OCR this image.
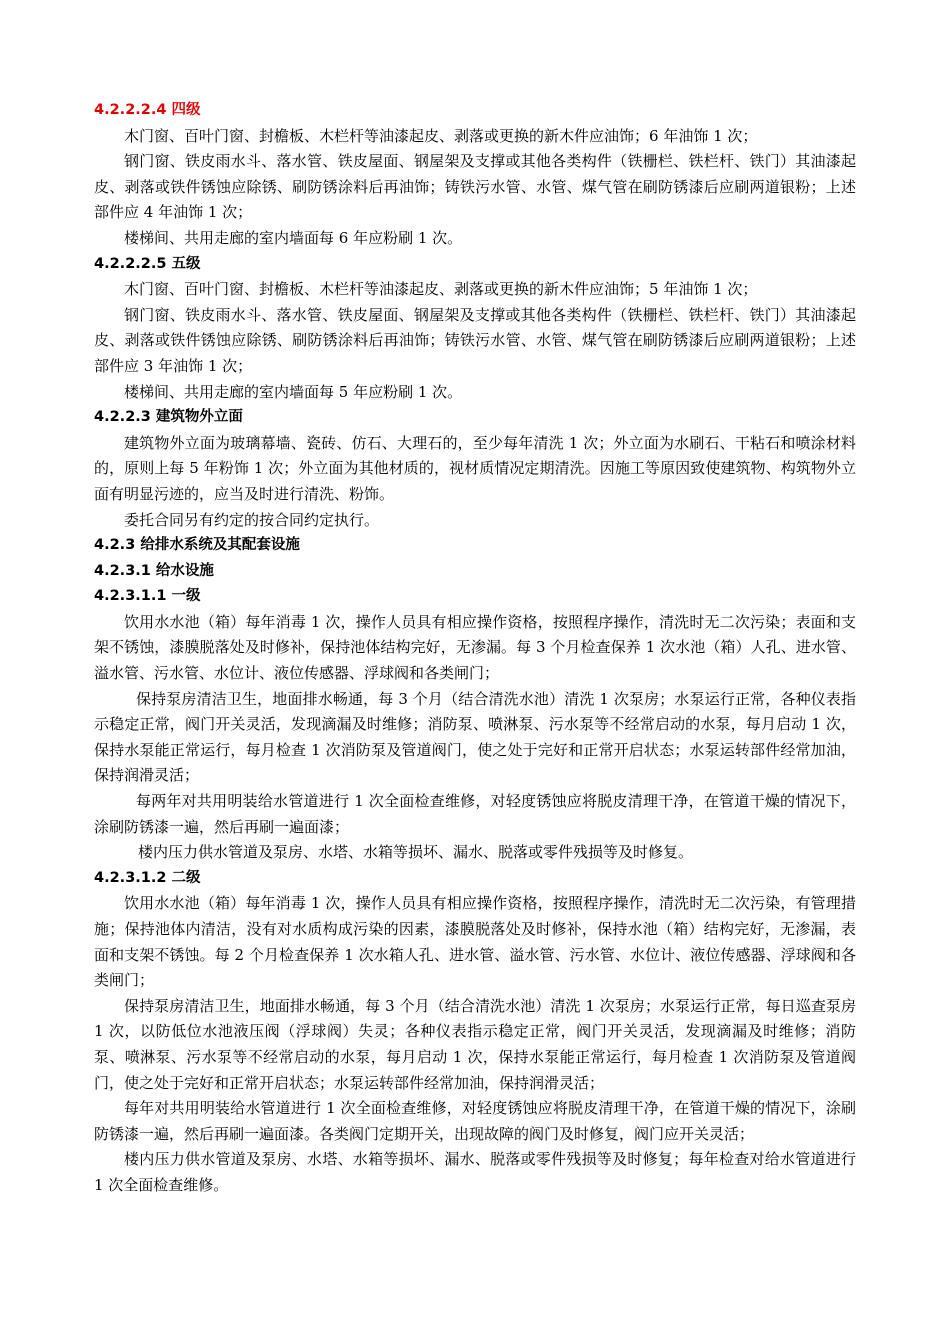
4.2.2.2.4 四级
木门窗、百叶门窗、封檐板、木栏杆等油漆起皮、剥落或更换的新木件应油饰；6 年油饰 1 次；
钢门窗、铁皮雨水斗、落水管、铁皮屋面、钢屋架及支撑或其他各类构件（铁栅栏、铁栏杆、铁门）其油漆起皮、剥落或铁件锈蚀应除锈、刷防锈涂料后再油饰；铸铁污水管、水管、煤气管在刷防锈漆后应刷两道银粉；上述部件应 4 年油饰 1 次；
楼梯间、共用走廊的室内墙面每 6 年应粉刷 1 次。
4.2.2.2.5 五级
木门窗、百叶门窗、封檐板、木栏杆等油漆起皮、剥落或更换的新木件应油饰；5 年油饰 1 次；
钢门窗、铁皮雨水斗、落水管、铁皮屋面、钢屋架及支撑或其他各类构件（铁栅栏、铁栏杆、铁门）其油漆起皮、剥落或铁件锈蚀应除锈、刷防锈涂料后再油饰；铸铁污水管、水管、煤气管在刷防锈漆后应刷两道银粉；上述部件应 3 年油饰 1 次；
楼梯间、共用走廊的室内墙面每 5 年应粉刷 1 次。
4.2.2.3 建筑物外立面
建筑物外立面为玻璃幕墙、瓷砖、仿石、大理石的，至少每年清洗 1 次；外立面为水刷石、干粘石和喷涂材料的，原则上每 5 年粉饰 1 次；外立面为其他材质的，视材质情况定期清洗。因施工等原因致使建筑物、构筑物外立面有明显污迹的，应当及时进行清洗、粉饰。
委托合同另有约定的按合同约定执行。
4.2.3 给排水系统及其配套设施
4.2.3.1 给水设施
4.2.3.1.1 一级
饮用水水池（箱）每年消毒 1 次，操作人员具有相应操作资格，按照程序操作，清洗时无二次污染；表面和支架不锈蚀，漆膜脱落处及时修补，保持池体结构完好，无渗漏。每 3 个月检查保养 1 次水池（箱）人孔、进水管、溢水管、污水管、水位计、液位传感器、浮球阀和各类闸门；
保持泵房清洁卫生，地面排水畅通，每 3 个月（结合清洗水池）清洗 1 次泵房；水泵运行正常，各种仪表指示稳定正常，阀门开关灵活，发现滴漏及时维修；消防泵、喷淋泵、污水泵等不经常启动的水泵，每月启动 1 次，保持水泵能正常运行，每月检查 1 次消防泵及管道阀门，使之处于完好和正常开启状态；水泵运转部件经常加油，保持润滑灵活；
每两年对共用明装给水管道进行 1 次全面检查维修，对轻度锈蚀应将脱皮清理干净，在管道干燥的情况下，涂刷防锈漆一遍，然后再刷一遍面漆；
楼内压力供水管道及泵房、水塔、水箱等损坏、漏水、脱落或零件残损等及时修复。
4.2.3.1.2 二级
饮用水水池（箱）每年消毒 1 次，操作人员具有相应操作资格，按照程序操作，清洗时无二次污染，有管理措施；保持池体内清洁，没有对水质构成污染的因素，漆膜脱落处及时修补，保持水池（箱）结构完好，无渗漏，表面和支架不锈蚀。每 2 个月检查保养 1 次水箱人孔、进水管、溢水管、污水管、水位计、液位传感器、浮球阀和各类闸门；
保持泵房清洁卫生，地面排水畅通，每 3 个月（结合清洗水池）清洗 1 次泵房；水泵运行正常，每日巡查泵房 1 次，以防低位水池液压阀（浮球阀）失灵；各种仪表指示稳定正常，阀门开关灵活，发现滴漏及时维修；消防泵、喷淋泵、污水泵等不经常启动的水泵，每月启动 1 次，保持水泵能正常运行，每月检查 1 次消防泵及管道阀门，使之处于完好和正常开启状态；水泵运转部件经常加油，保持润滑灵活；
每年对共用明装给水管道进行 1 次全面检查维修，对轻度锈蚀应将脱皮清理干净，在管道干燥的情况下，涂刷防锈漆一遍，然后再刷一遍面漆。各类阀门定期开关，出现故障的阀门及时修复，阀门应开关灵活；
楼内压力供水管道及泵房、水塔、水箱等损坏、漏水、脱落或零件残损等及时修复；每年检查对给水管道进行 1 次全面检查维修。
